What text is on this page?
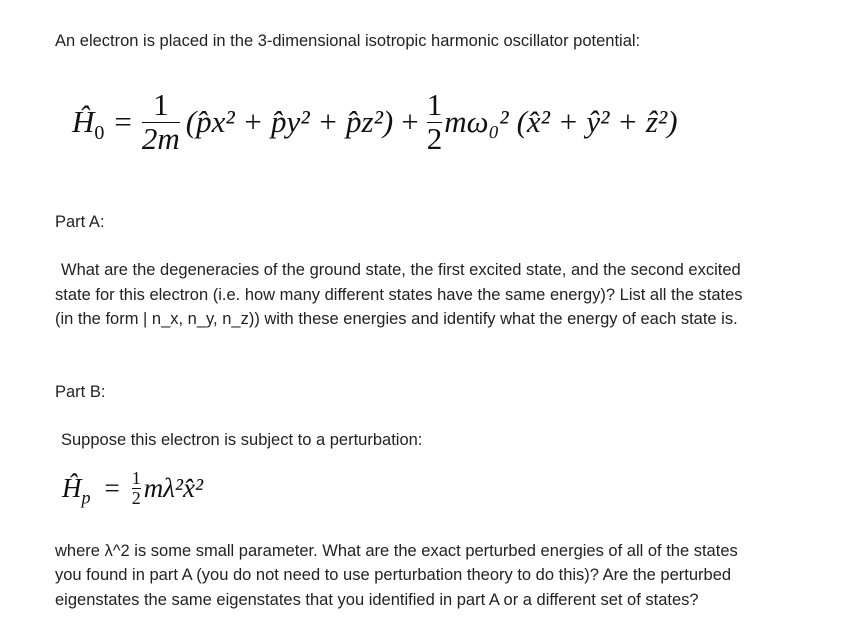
An electron is placed in the 3-dimensional isotropic harmonic oscillator potential:
$Ĥ_0 = \frac{1}{2m}$ (p̂x² + p̂y² + p̂z²) + $\frac{1}{2} m\omega_0^2$ (x̂² + ŷ² + ẑ²)
Part A:
What are the degeneracies of the ground state, the first excited state, and the second excited
state for this electron (i.e. how many different states have the same energy)? List all the states
(in the form | n_x, n_y, n_z)) with these energies and identify what the energy of each state is.
Part B:
Suppose this electron is subject to a perturbation:
$Ĥ_p = \frac{1}{2}$ mλ²x̂²
where λ^2 is some small parameter. What are the exact perturbed energies of all of the states
you found in part A (you do not need to use perturbation theory to do this)? Are the perturbed
eigenstates the same eigenstates that you identified in part A or a different set of states?
